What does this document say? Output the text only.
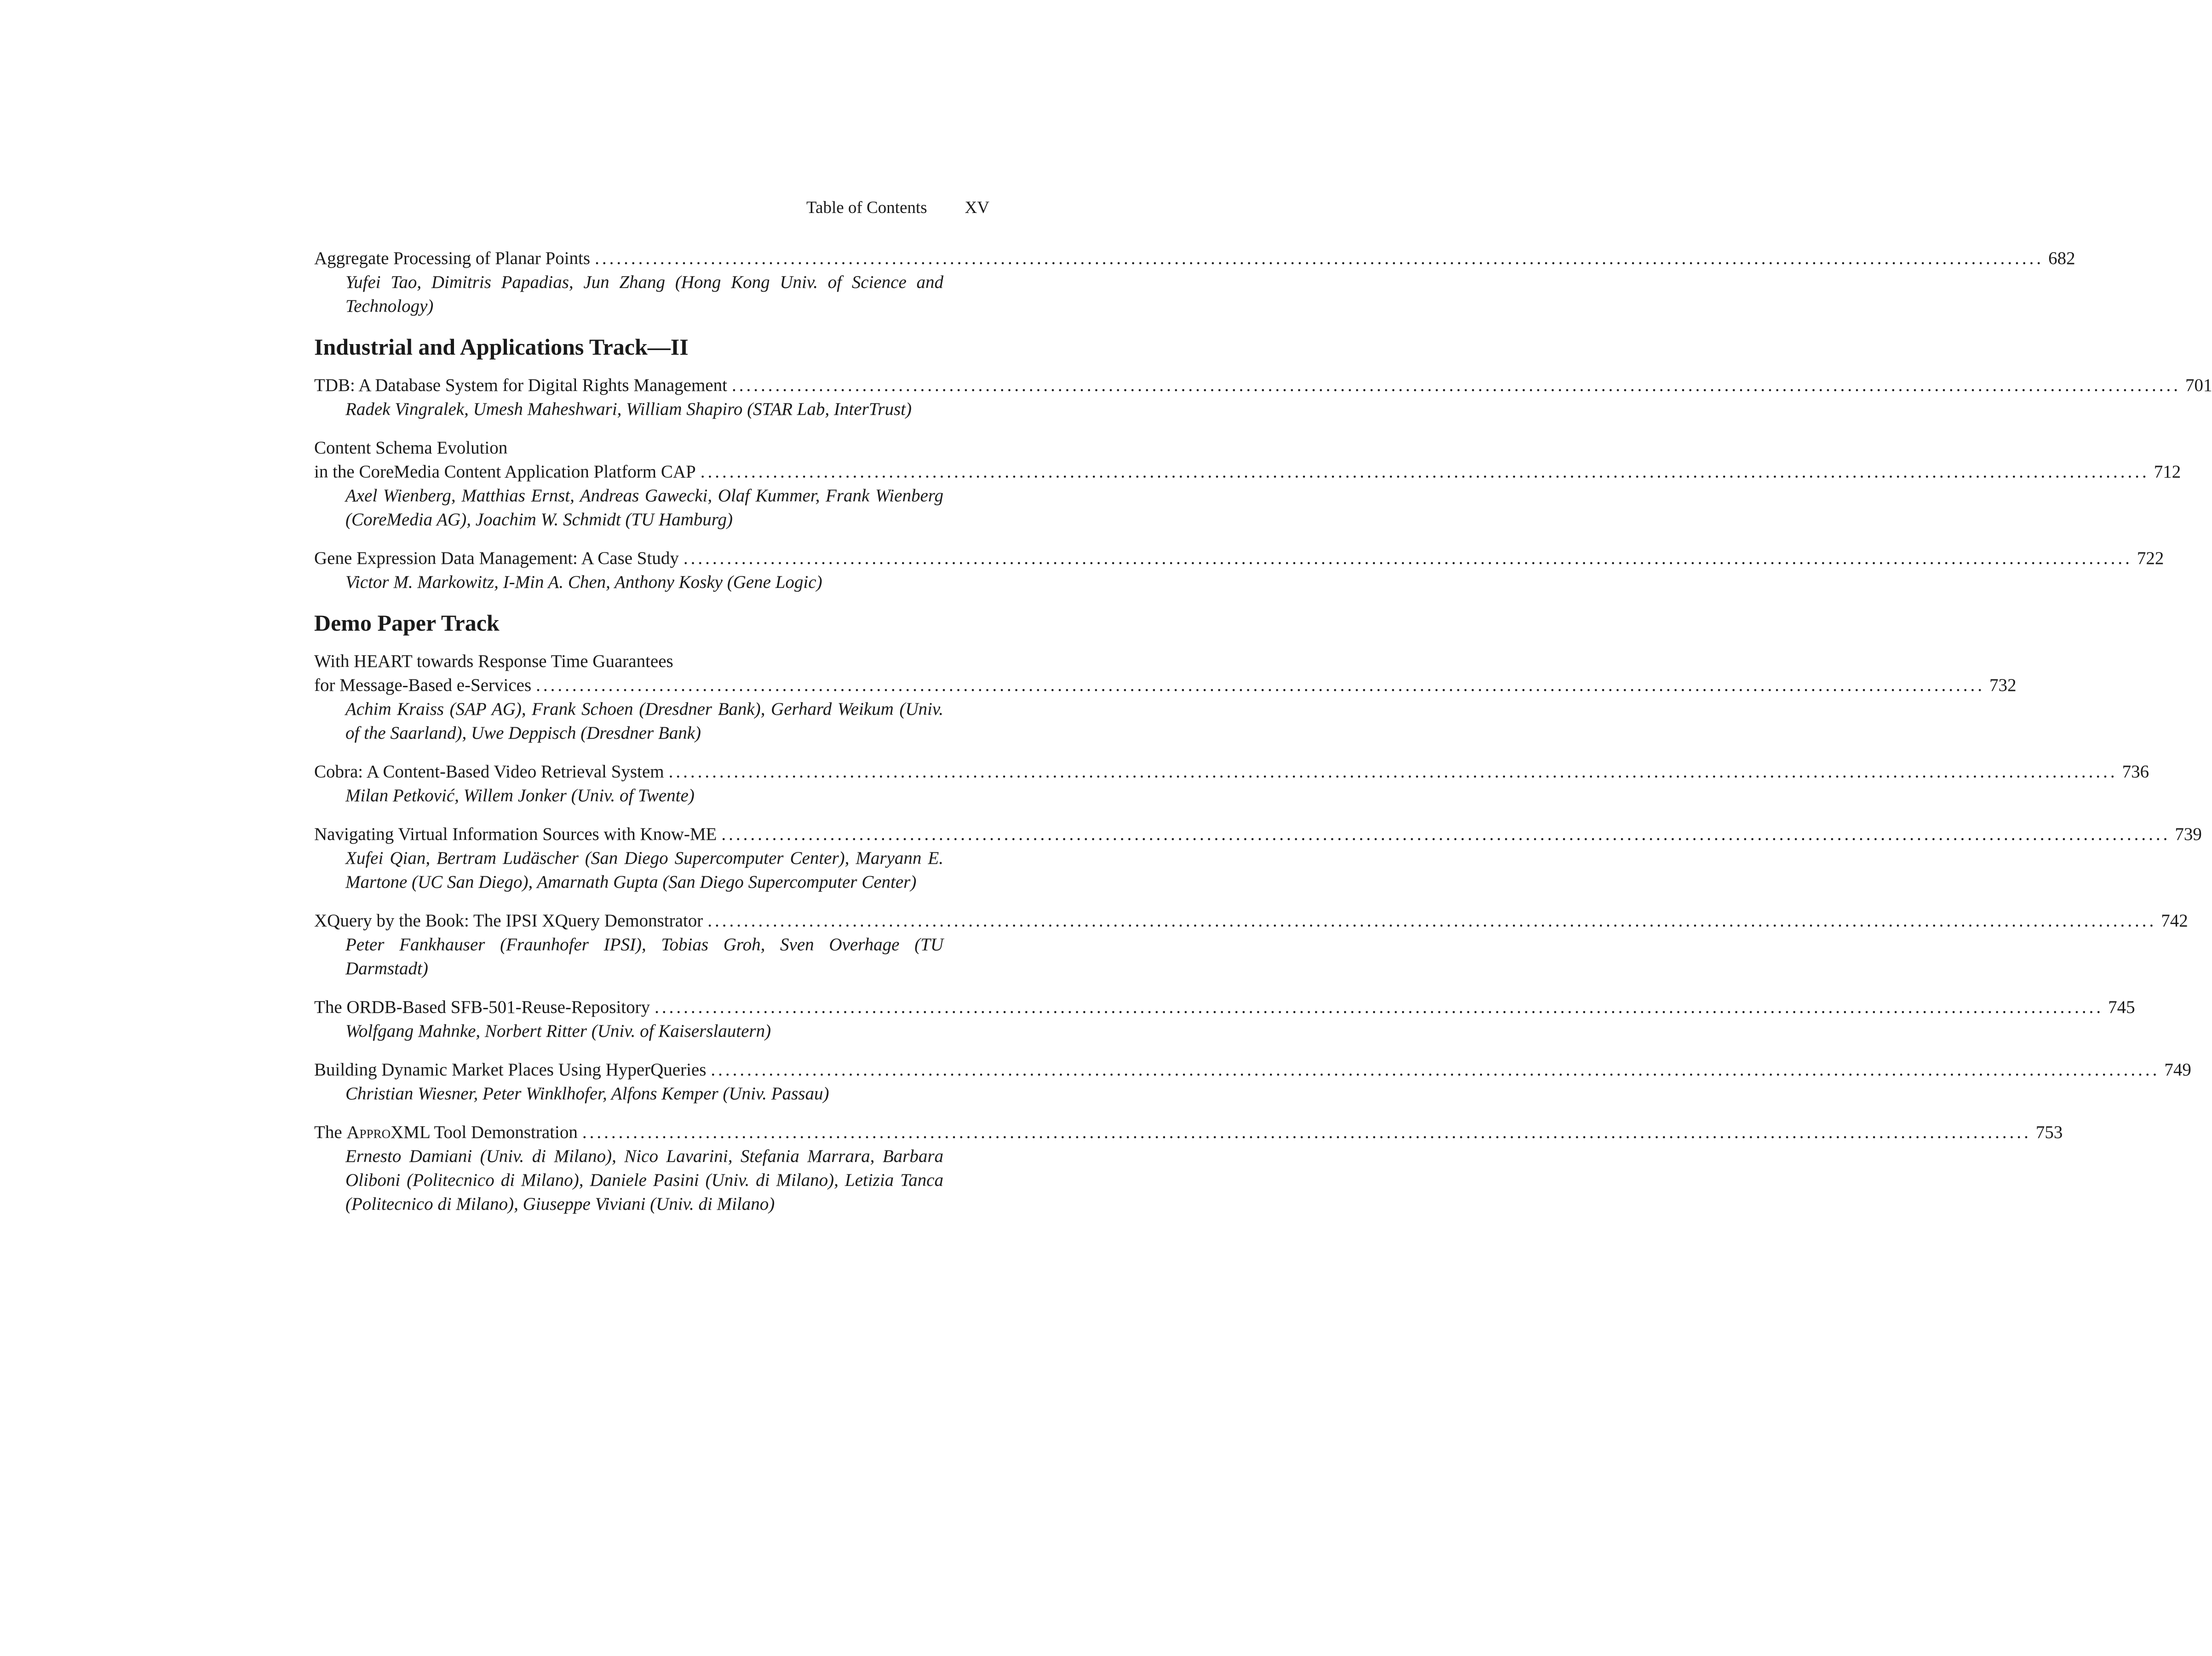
Table of Contents XV
Aggregate Processing of Planar Points ........................................................................................................................................................................................................ 682
Yufei Tao, Dimitris Papadias, Jun Zhang (Hong Kong Univ. of Science and Technology)
Industrial and Applications Track—II
TDB: A Database System for Digital Rights Management ........................................................................................................................................................................................................ 701
Radek Vingralek, Umesh Maheshwari, William Shapiro (STAR Lab, InterTrust)
Content Schema Evolution
in the CoreMedia Content Application Platform CAP ........................................................................................................................................................................................................ 712
Axel Wienberg, Matthias Ernst, Andreas Gawecki, Olaf Kummer, Frank Wienberg (CoreMedia AG), Joachim W. Schmidt (TU Hamburg)
Gene Expression Data Management: A Case Study ........................................................................................................................................................................................................ 722
Victor M. Markowitz, I-Min A. Chen, Anthony Kosky (Gene Logic)
Demo Paper Track
With HEART towards Response Time Guarantees
for Message-Based e-Services ........................................................................................................................................................................................................ 732
Achim Kraiss (SAP AG), Frank Schoen (Dresdner Bank), Gerhard Weikum (Univ. of the Saarland), Uwe Deppisch (Dresdner Bank)
Cobra: A Content-Based Video Retrieval System ........................................................................................................................................................................................................ 736
Milan Petković, Willem Jonker (Univ. of Twente)
Navigating Virtual Information Sources with Know-ME ........................................................................................................................................................................................................ 739
Xufei Qian, Bertram Ludäscher (San Diego Supercomputer Center), Maryann E. Martone (UC San Diego), Amarnath Gupta (San Diego Supercomputer Center)
XQuery by the Book: The IPSI XQuery Demonstrator ........................................................................................................................................................................................................ 742
Peter Fankhauser (Fraunhofer IPSI), Tobias Groh, Sven Overhage (TU Darmstadt)
The ORDB-Based SFB-501-Reuse-Repository ........................................................................................................................................................................................................ 745
Wolfgang Mahnke, Norbert Ritter (Univ. of Kaiserslautern)
Building Dynamic Market Places Using HyperQueries ........................................................................................................................................................................................................ 749
Christian Wiesner, Peter Winklhofer, Alfons Kemper (Univ. Passau)
The ApproXML Tool Demonstration ........................................................................................................................................................................................................ 753
Ernesto Damiani (Univ. di Milano), Nico Lavarini, Stefania Marrara, Barbara Oliboni (Politecnico di Milano), Daniele Pasini (Univ. di Milano), Letizia Tanca (Politecnico di Milano), Giuseppe Viviani (Univ. di Milano)
